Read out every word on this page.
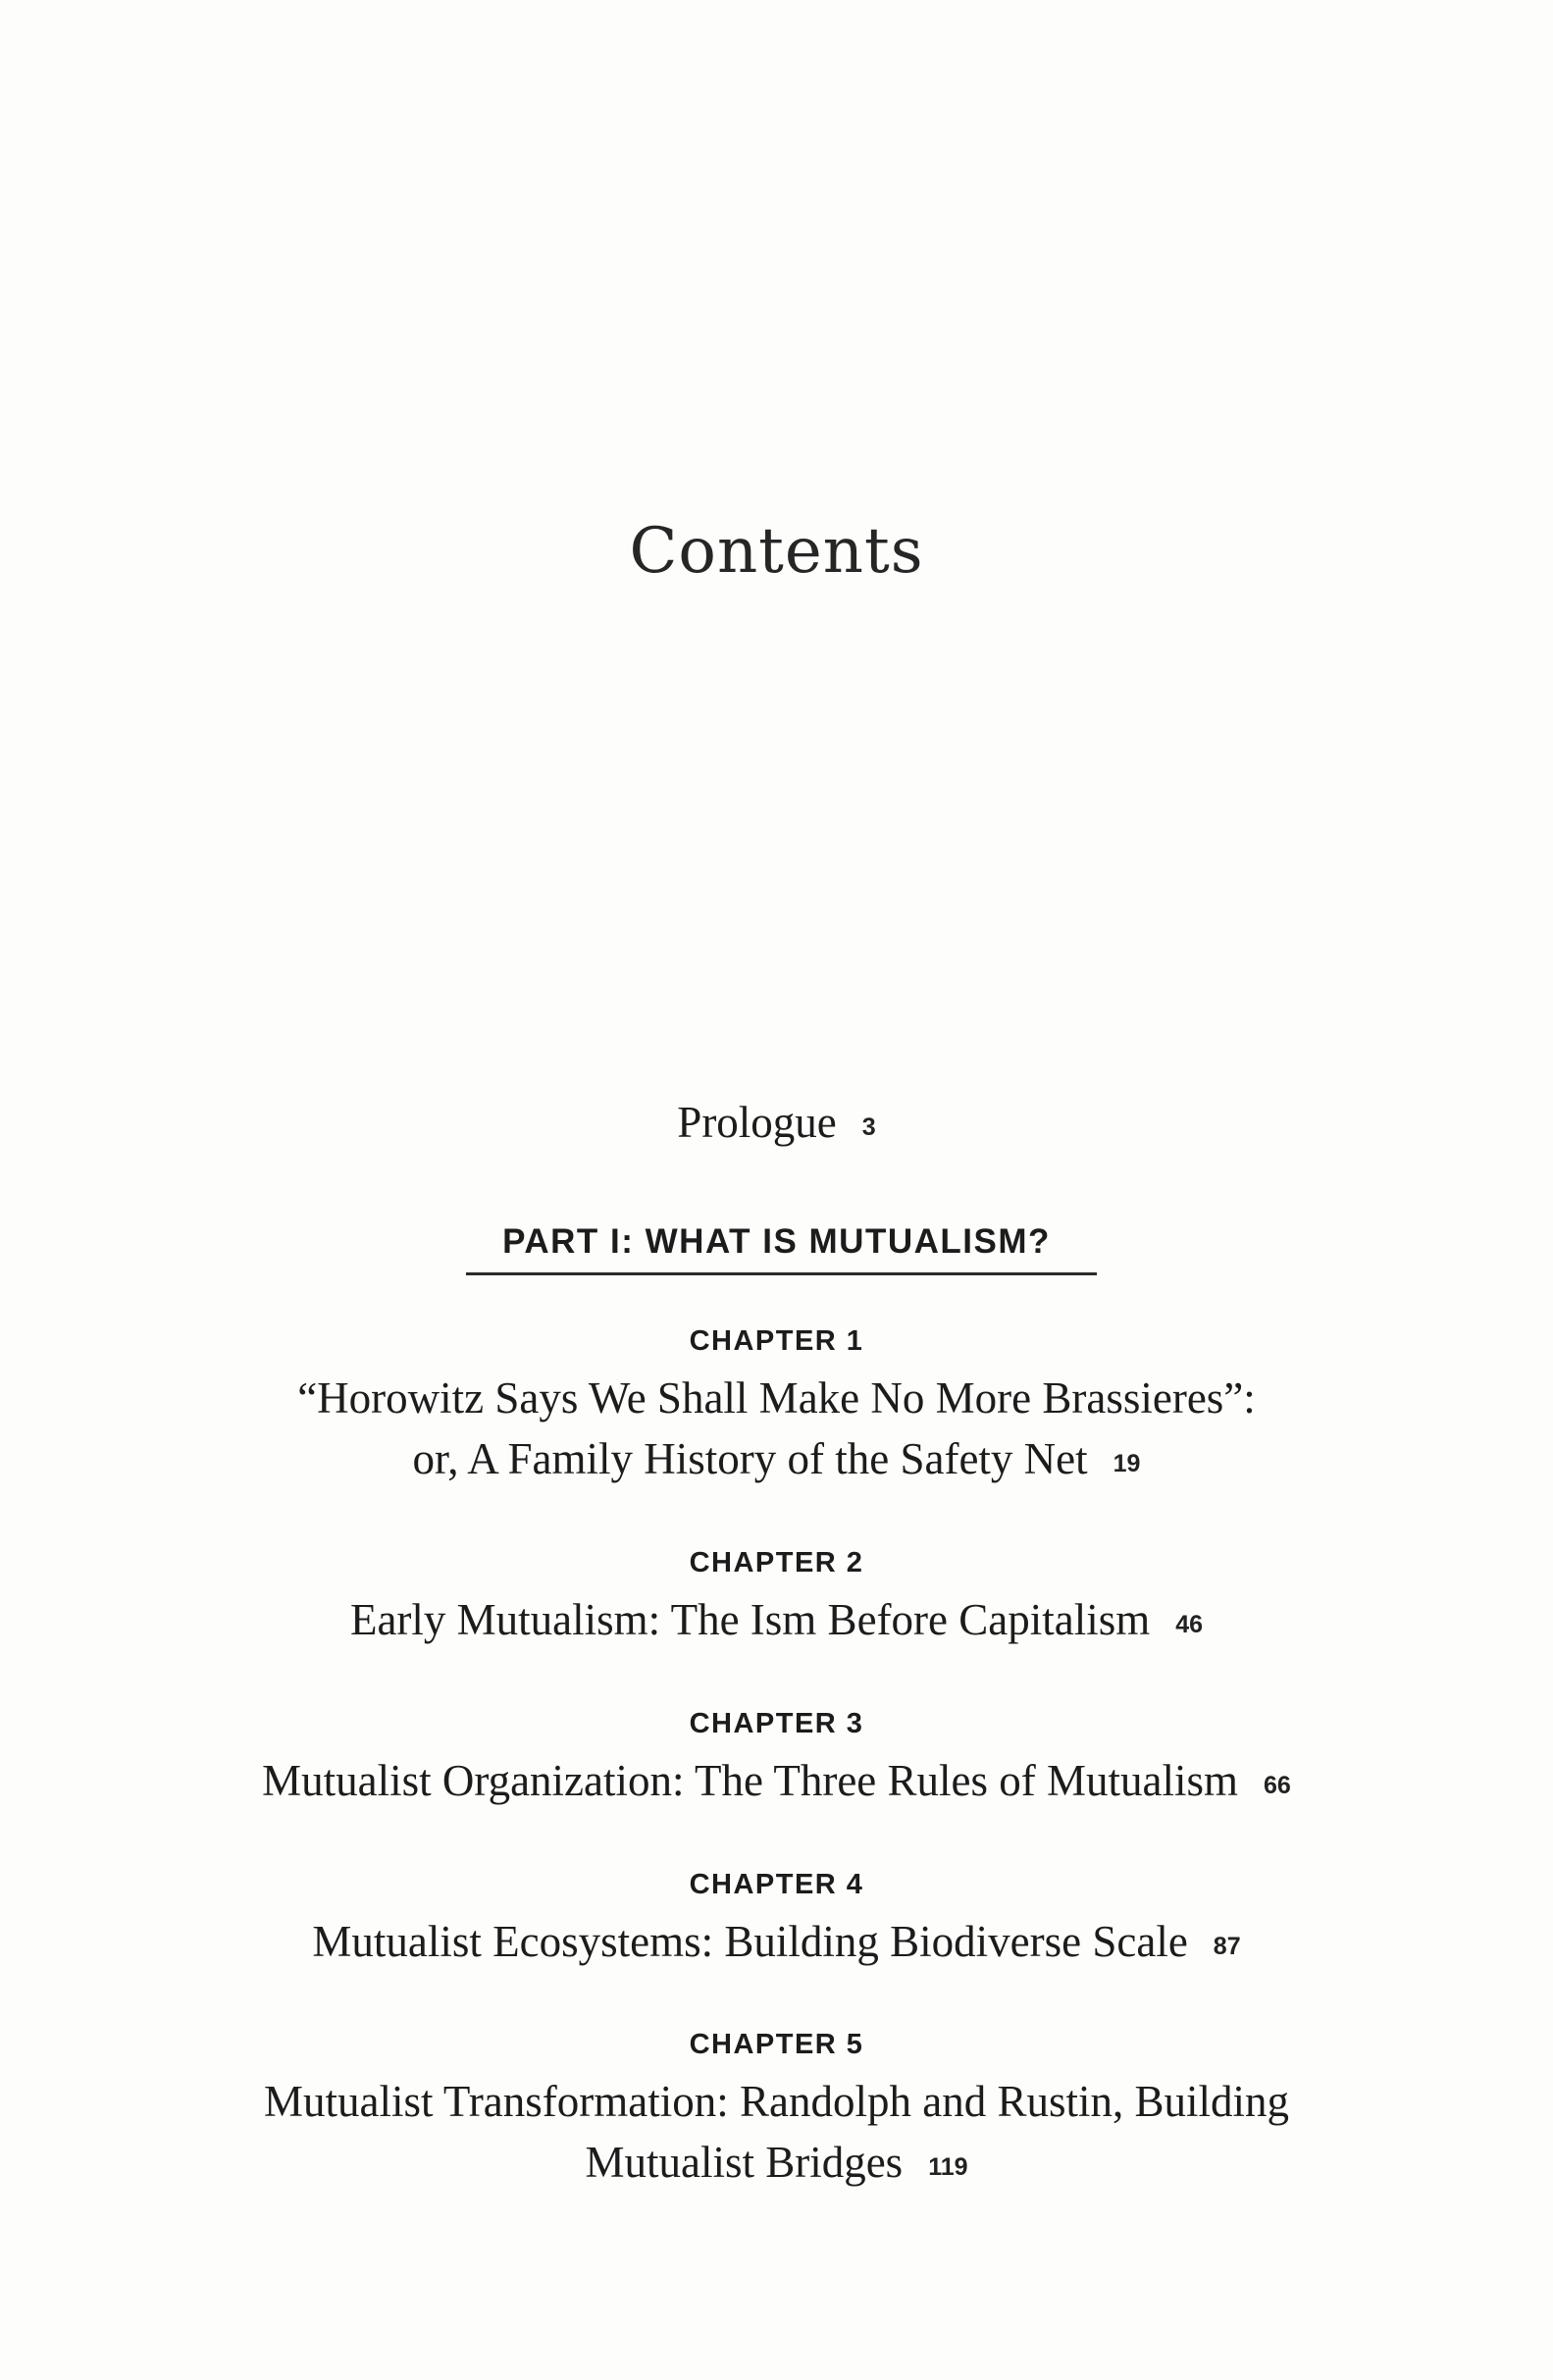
Contents
Prologue 3
PART I: WHAT IS MUTUALISM?
CHAPTER 1
“Horowitz Says We Shall Make No More Brassieres”:
or, A Family History of the Safety Net 19
CHAPTER 2
Early Mutualism: The Ism Before Capitalism 46
CHAPTER 3
Mutualist Organization: The Three Rules of Mutualism 66
CHAPTER 4
Mutualist Ecosystems: Building Biodiverse Scale 87
CHAPTER 5
Mutualist Transformation: Randolph and Rustin, Building
Mutualist Bridges 119
